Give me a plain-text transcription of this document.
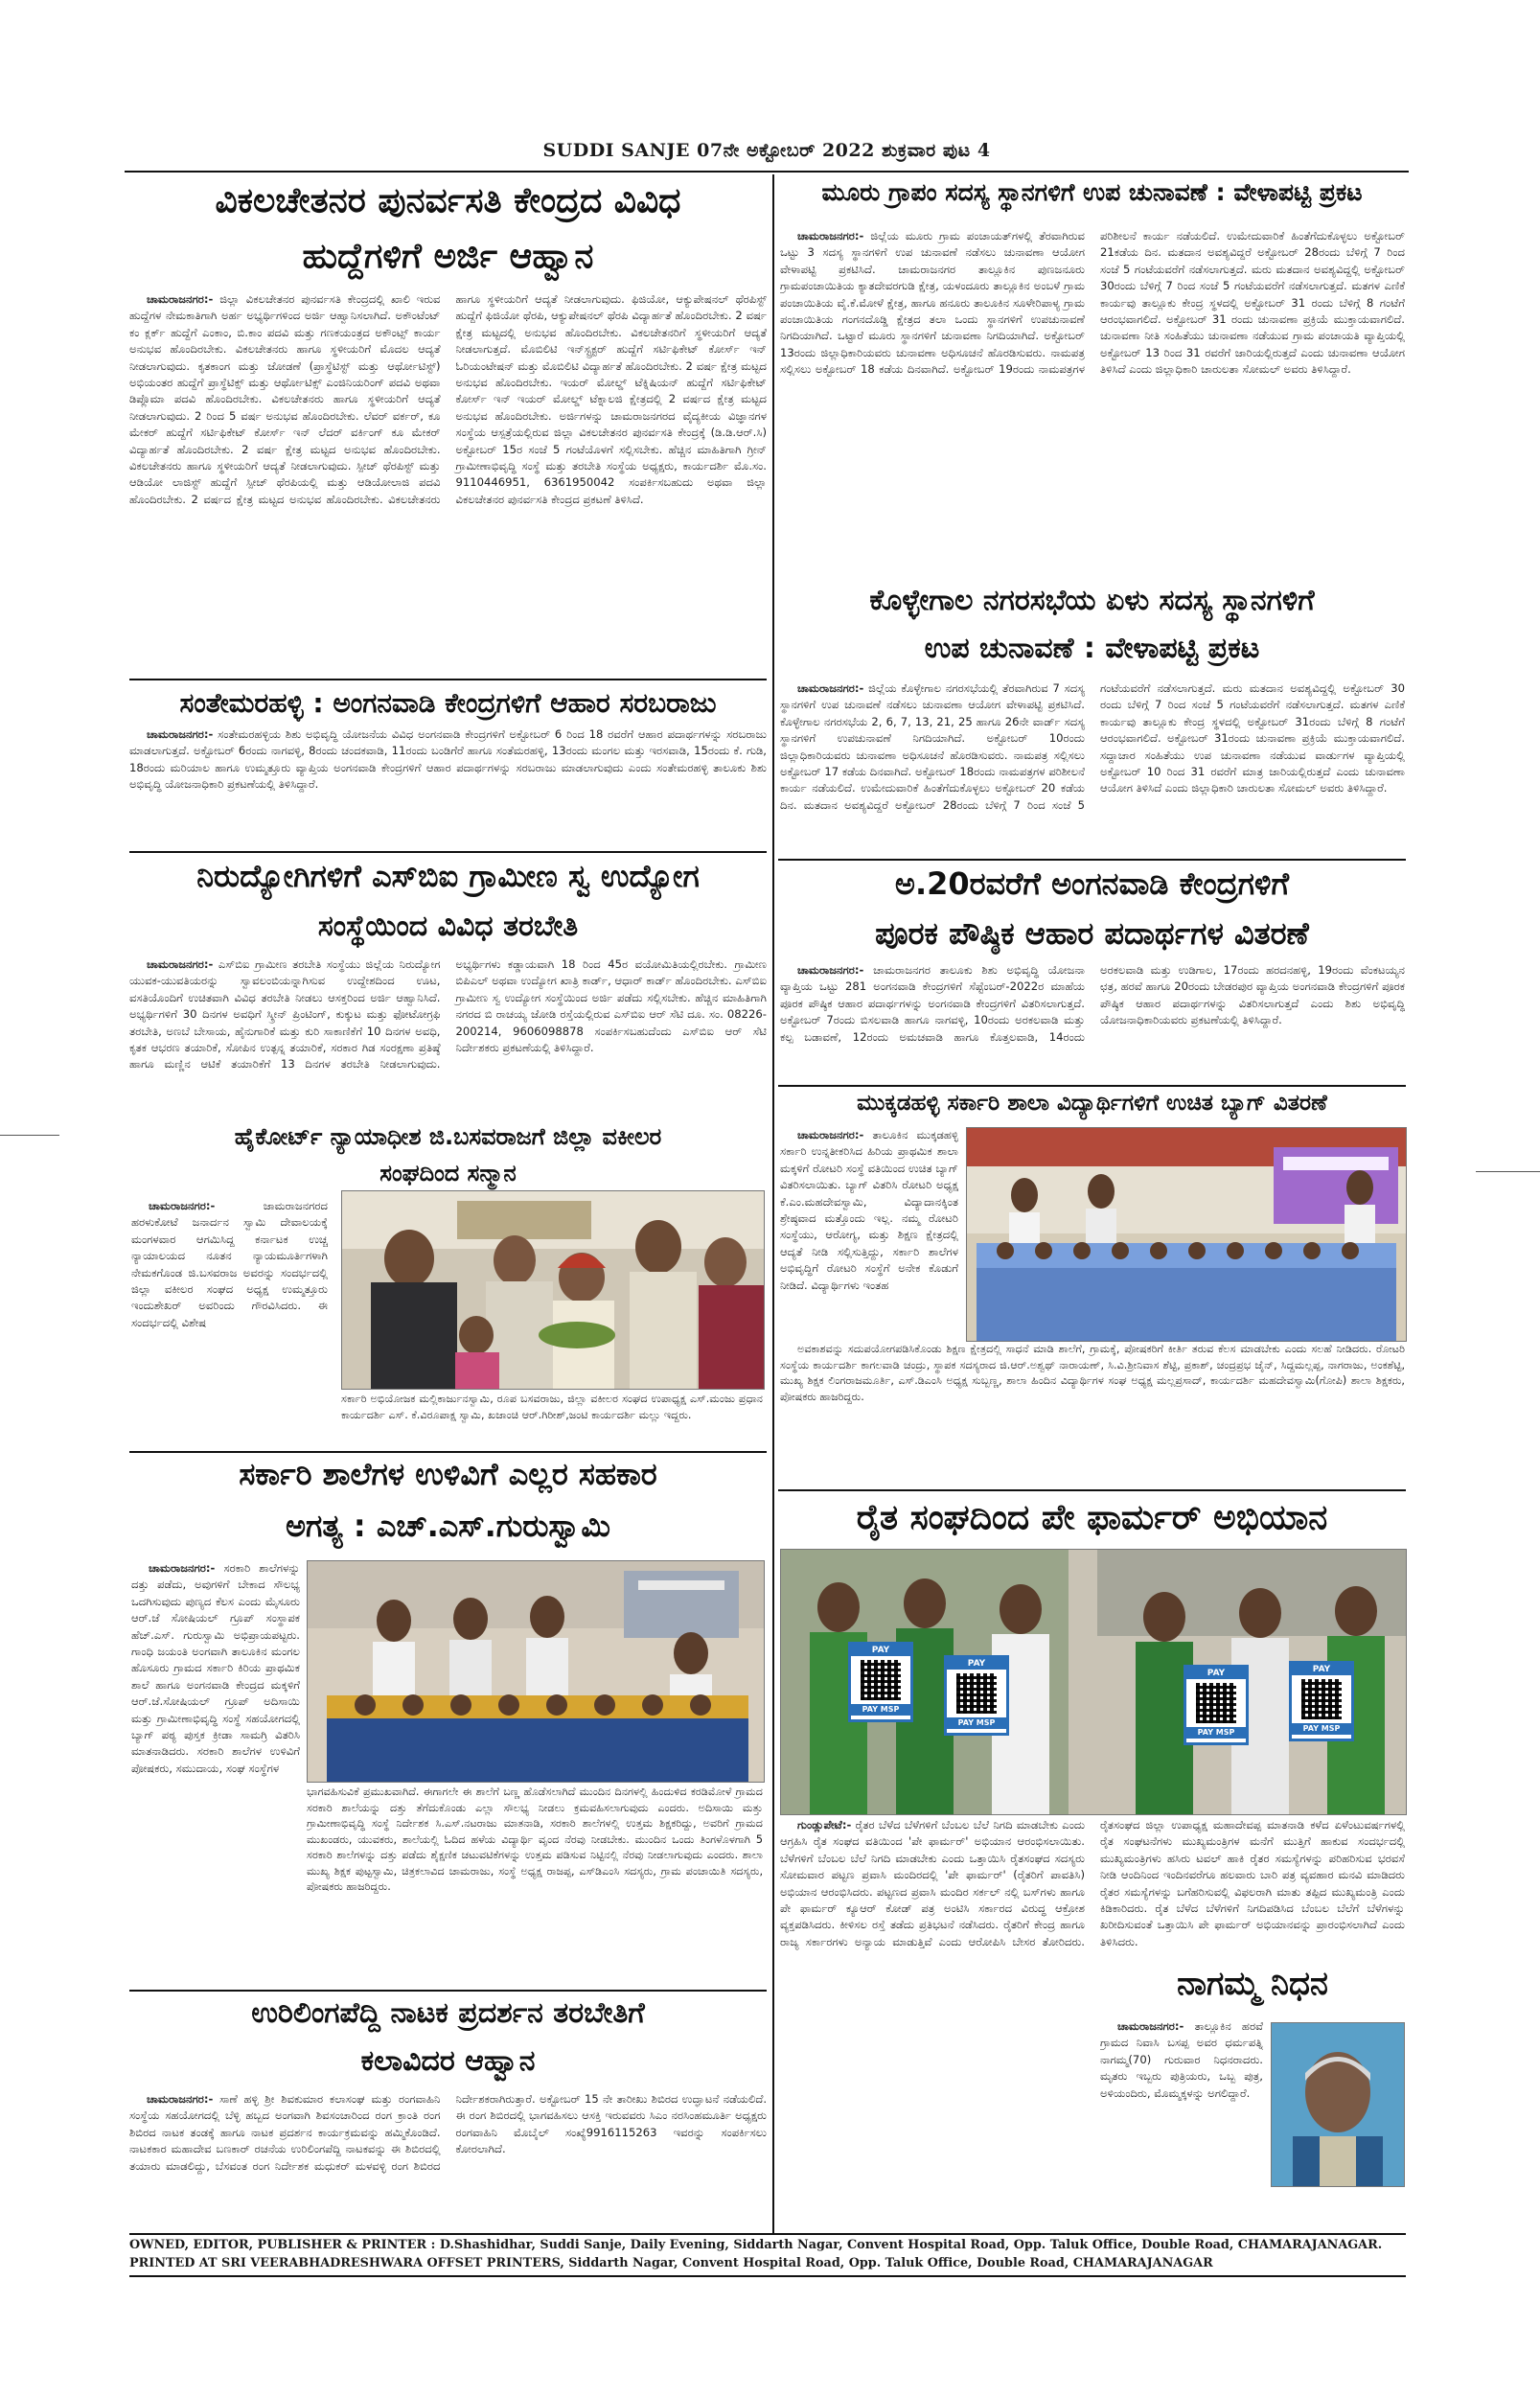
SUDDI SANJE 07ನೇ ಅಕ್ಟೋಬರ್ 2022 ಶುಕ್ರವಾರ ಪುಟ 4
ವಿಕಲಚೇತನರ ಪುನರ್ವಸತಿ ಕೇಂದ್ರದ ವಿವಿಧ
ಹುದ್ದೆಗಳಿಗೆ ಅರ್ಜಿ ಆಹ್ವಾನ

ಚಾಮರಾಜನಗರ:- ಜಿಲ್ಲಾ ವಿಕಲಚೇತನರ ಪುನರ್ವಸತಿ ಕೇಂದ್ರದಲ್ಲಿ ಖಾಲಿ ಇರುವ ಹುದ್ದೆಗಳ ನೇಮಕಾತಿಗಾಗಿ ಅರ್ಹ ಅಭ್ಯರ್ಥಿಗಳಿಂದ ಅರ್ಜಿ ಆಹ್ವಾನಿಸಲಾಗಿದೆ. ಅಕೌಂಟೆಂಟ್ ಕಂ ಕ್ಲರ್ಕ್ ಹುದ್ದೆಗೆ ಎಂಕಾಂ, ಬಿ.ಕಾಂ ಪದವಿ ಮತ್ತು ಗಣಕಯಂತ್ರದ ಅಕೌಂಟ್ಸ್ ಕಾರ್ಯ ಅನುಭವ ಹೊಂದಿರಬೇಕು. ವಿಕಲಚೇತನರು ಹಾಗೂ ಸ್ಥಳೀಯರಿಗೆ ಮೊದಲ ಆದ್ಯತೆ ನೀಡಲಾಗುವುದು. ಕೃತಕಾಂಗ ಮತ್ತು ಜೋಡಣೆ (ಪ್ರಾಸ್ಥೆಟಿಸ್ಟ್ ಮತ್ತು ಆರ್ಥೋಟಿಸ್ಟ್) ಅಭಿಯಂತರ ಹುದ್ದೆಗೆ ಪ್ರಾಸ್ಥೆಟಿಕ್ಸ್ ಮತ್ತು ಆರ್ಥೋಟಿಕ್ಸ್ ಎಂಜಿನಿಯರಿಂಗ್ ಪದವಿ ಅಥವಾ ಡಿಪ್ಲೊಮಾ ಪದವಿ ಹೊಂದಿರಬೇಕು. ವಿಕಲಚೇತನರು ಹಾಗೂ ಸ್ಥಳೀಯರಿಗೆ ಆದ್ಯತೆ ನೀಡಲಾಗುವುದು. 2 ರಿಂದ 5 ವರ್ಷ ಅನುಭವ ಹೊಂದಿರಬೇಕು. ಲೆವರ್ ವರ್ಕರ್, ಕೂ ಮೇಕರ್ ಹುದ್ದೆಗೆ ಸರ್ಟಿಫಿಕೇಟ್ ಕೋರ್ಸ್ ಇನ್ ಲೆದರ್ ವರ್ಕಿಂಗ್ ಕೂ ಮೇಕರ್ ವಿದ್ಯಾರ್ಹತೆ ಹೊಂದಿರಬೇಕು. 2 ವರ್ಷ ಕ್ಷೇತ್ರ ಮಟ್ಟದ ಅನುಭವ ಹೊಂದಿರಬೇಕು. ವಿಕಲಚೇತನರು ಹಾಗೂ ಸ್ಥಳೀಯರಿಗೆ ಆದ್ಯತೆ ನೀಡಲಾಗುವುದು. ಸ್ಪೀಚ್ ಥೆರಪಿಸ್ಟ್ ಮತ್ತು ಆಡಿಯೋ ಲಾಜಿಸ್ಟ್ ಹುದ್ದೆಗೆ ಸ್ಪೀಚ್ ಥೆರಪಿಯಲ್ಲಿ ಮತ್ತು ಆಡಿಯೋಲಾಜಿ ಪದವಿ ಹೊಂದಿರಬೇಕು. 2 ವರ್ಷದ ಕ್ಷೇತ್ರ ಮಟ್ಟದ ಅನುಭವ ಹೊಂದಿರಬೇಕು. ವಿಕಲಚೇತನರು ಹಾಗೂ ಸ್ಥಳೀಯರಿಗೆ ಆದ್ಯತೆ ನೀಡಲಾಗುವುದು. ಫಿಜಿಯೋ, ಆಕ್ಯುಪೇಷನಲ್ ಥೆರಪಿಸ್ಟ್ ಹುದ್ದೆಗೆ ಫಿಜಿಯೋ ಥೆರಪಿ, ಆಕ್ಯುಪೇಷನಲ್ ಥೆರಪಿ ವಿದ್ಯಾರ್ಹತೆ ಹೊಂದಿರಬೇಕು. 2 ವರ್ಷ ಕ್ಷೇತ್ರ ಮಟ್ಟದಲ್ಲಿ ಅನುಭವ ಹೊಂದಿರಬೇಕು. ವಿಕಲಚೇತನರಿಗೆ ಸ್ಥಳೀಯರಿಗೆ ಆದ್ಯತೆ ನೀಡಲಾಗುತ್ತದೆ. ಮೊಬಿಲಿಟಿ ಇನ್‌ಸ್ಟ್ರಕ್ಟರ್ ಹುದ್ದೆಗೆ ಸರ್ಟಿಫಿಕೇಟ್ ಕೋರ್ಸ್ ಇನ್ ಓರಿಯಂಟೇಷನ್ ಮತ್ತು ಮೊಬಿಲಿಟಿ ವಿದ್ಯಾರ್ಹತೆ ಹೊಂದಿರಬೇಕು. 2 ವರ್ಷ ಕ್ಷೇತ್ರ ಮಟ್ಟದ ಅನುಭವ ಹೊಂದಿರಬೇಕು. ಇಯರ್ ಮೋಲ್ಡ್ ಟೆಕ್ನಿಷಿಯನ್ ಹುದ್ದೆಗೆ ಸರ್ಟಿಫಿಕೇಟ್ ಕೋರ್ಸ್ ಇನ್ ಇಯರ್ ಮೋಲ್ಡ್ ಟೆಕ್ನಾಲಜಿ ಕ್ಷೇತ್ರದಲ್ಲಿ 2 ವರ್ಷದ ಕ್ಷೇತ್ರ ಮಟ್ಟದ ಅನುಭವ ಹೊಂದಿರಬೇಕು. ಅರ್ಜಿಗಳನ್ನು ಚಾಮರಾಜನಗರದ ವೈದ್ಯಕೀಯ ವಿಜ್ಞಾನಗಳ ಸಂಸ್ಥೆಯ ಆಸ್ಪತ್ರೆಯಲ್ಲಿರುವ ಜಿಲ್ಲಾ ವಿಕಲಚೇತನರ ಪುನರ್ವಸತಿ ಕೇಂದ್ರಕ್ಕೆ (ಡಿ.ಡಿ.ಆರ್.ಸಿ) ಅಕ್ಟೋಬರ್ 15ರ ಸಂಜೆ 5 ಗಂಟೆಯೊಳಗೆ ಸಲ್ಲಿಸಬೇಕು. ಹೆಚ್ಚಿನ ಮಾಹಿತಿಗಾಗಿ ಗ್ರೀನ್ ಗ್ರಾಮೀಣಾಭಿವೃದ್ಧಿ ಸಂಸ್ಥೆ ಮತ್ತು ತರಬೇತಿ ಸಂಸ್ಥೆಯ ಅಧ್ಯಕ್ಷರು, ಕಾರ್ಯದರ್ಶಿ ಮೊ.ಸಂ. 9110446951, 6361950042 ಸಂಪರ್ಕಿಸಬಹುದು ಅಥವಾ ಜಿಲ್ಲಾ ವಿಕಲಚೇತನರ ಪುನರ್ವಸತಿ ಕೇಂದ್ರದ ಪ್ರಕಟಣೆ ತಿಳಿಸಿದೆ.

ಸಂತೇಮರಹಳ್ಳಿ : ಅಂಗನವಾಡಿ ಕೇಂದ್ರಗಳಿಗೆ ಆಹಾರ ಸರಬರಾಜು

ಚಾಮರಾಜನಗರ:- ಸಂತೇಮರಹಳ್ಳಿಯ ಶಿಶು ಅಭಿವೃದ್ಧಿ ಯೋಜನೆಯ ವಿವಿಧ ಅಂಗನವಾಡಿ ಕೇಂದ್ರಗಳಿಗೆ ಅಕ್ಟೋಬರ್ 6 ರಿಂದ 18 ರವರೆಗೆ ಆಹಾರ ಪದಾರ್ಥಗಳನ್ನು ಸರಬರಾಜು ಮಾಡಲಾಗುತ್ತದೆ. ಅಕ್ಟೋಬರ್ 6ರಂದು ನಾಗವಳ್ಳಿ, 8ರಂದು ಚಂದಕವಾಡಿ, 11ರಂದು ಬಂಡಿಗೆರೆ ಹಾಗೂ ಸಂತೆಮರಹಳ್ಳಿ, 13ರಂದು ಮಂಗಲ ಮತ್ತು ಇರಸವಾಡಿ, 15ರಂದು ಕೆ. ಗುಡಿ, 18ರಂದು ಮರಿಯಾಲ ಹಾಗೂ ಉಮ್ಮತ್ತೂರು ವ್ಯಾಪ್ತಿಯ ಅಂಗನವಾಡಿ ಕೇಂದ್ರಗಳಿಗೆ ಆಹಾರ ಪದಾರ್ಥಗಳನ್ನು ಸರಬರಾಜು ಮಾಡಲಾಗುವುದು ಎಂದು ಸಂತೇಮರಹಳ್ಳಿ ತಾಲೂಕು ಶಿಶು ಅಭಿವೃದ್ಧಿ ಯೋಜನಾಧಿಕಾರಿ ಪ್ರಕಟಣೆಯಲ್ಲಿ ತಿಳಿಸಿದ್ದಾರೆ.

ನಿರುದ್ಯೋಗಿಗಳಿಗೆ ಎಸ್‌ಬಿಐ ಗ್ರಾಮೀಣ ಸ್ವ ಉದ್ಯೋಗ
ಸಂಸ್ಥೆಯಿಂದ ವಿವಿಧ ತರಬೇತಿ

ಚಾಮರಾಜನಗರ:- ಎಸ್‌ಬಿಐ ಗ್ರಾಮೀಣ ತರಬೇತಿ ಸಂಸ್ಥೆಯು ಜಿಲ್ಲೆಯ ನಿರುದ್ಯೋಗ ಯುವಕ-ಯುವತಿಯರನ್ನು ಸ್ವಾವಲಂಬಿಯನ್ನಾಗಿಸುವ ಉದ್ದೇಶದಿಂದ ಊಟ, ವಸತಿಯೊಂದಿಗೆ ಉಚಿತವಾಗಿ ವಿವಿಧ ತರಬೇತಿ ನೀಡಲು ಆಸಕ್ತರಿಂದ ಅರ್ಜಿ ಆಹ್ವಾನಿಸಿದೆ. ಅಭ್ಯರ್ಥಿಗಳಿಗೆ 30 ದಿನಗಳ ಅವಧಿಗೆ ಸ್ಕ್ರೀನ್ ಪ್ರಿಂಟಿಂಗ್, ಕುಕ್ಕುಟ ಮತ್ತು ಫೋಟೋಗ್ರಫಿ ತರಬೇತಿ, ಅಣಬೆ ಬೇಸಾಯ, ಹೈನುಗಾರಿಕೆ ಮತ್ತು ಕುರಿ ಸಾಕಾಣಿಕೆಗೆ 10 ದಿನಗಳ ಅವಧಿ, ಕೃತಕ ಆಭರಣ ತಯಾರಿಕೆ, ಸೋಪಿನ ಉತ್ಪನ್ನ ತಯಾರಿಕೆ, ಸರಕಾರ ಗಿಡ ಸಂರಕ್ಷಣಾ ಪ್ರತಿಷ್ಠೆ ಹಾಗೂ ಮಣ್ಣಿನ ಆಟಿಕೆ ತಯಾರಿಕೆಗೆ 13 ದಿನಗಳ ತರಬೇತಿ ನೀಡಲಾಗುವುದು. ಅಭ್ಯರ್ಥಿಗಳು ಕಡ್ಡಾಯವಾಗಿ 18 ರಿಂದ 45ರ ವಯೋಮಿತಿಯಲ್ಲಿರಬೇಕು. ಗ್ರಾಮೀಣ ಬಿಪಿಎಲ್ ಅಥವಾ ಉದ್ಯೋಗ ಖಾತ್ರಿ ಕಾರ್ಡ್, ಆಧಾರ್ ಕಾರ್ಡ್ ಹೊಂದಿರಬೇಕು. ಎಸ್‌ಬಿಐ ಗ್ರಾಮೀಣ ಸ್ವ ಉದ್ಯೋಗ ಸಂಸ್ಥೆಯಿಂದ ಅರ್ಜಿ ಪಡೆದು ಸಲ್ಲಿಸಬೇಕು. ಹೆಚ್ಚಿನ ಮಾಹಿತಿಗಾಗಿ ನಗರದ ಬಿ ರಾಚಯ್ಯ ಜೋಡಿ ರಸ್ತೆಯಲ್ಲಿರುವ ಎಸ್‌ಬಿಐ ಆರ್ ಸೆಟಿ ದೂ. ಸಂ. 08226-200214, 9606098878 ಸಂಪರ್ಕಿಸಬಹುದೆಂದು ಎಸ್‌ಬಿಐ ಆರ್ ಸೆಟಿ ನಿರ್ದೇಶಕರು ಪ್ರಕಟಣೆಯಲ್ಲಿ ತಿಳಿಸಿದ್ದಾರೆ.

ಹೈಕೋರ್ಟ್ ನ್ಯಾಯಾಧೀಶ ಜಿ.ಬಸವರಾಜಗೆ ಜಿಲ್ಲಾ ವಕೀಲರ
ಸಂಘದಿಂದ ಸನ್ಮಾನ

ಚಾಮರಾಜನಗರ:-	ಜಾಮರಾಜನಗರದ ಹರಳುಕೋಟೆ ಜನಾರ್ದನ ಸ್ವಾಮಿ ದೇವಾಲಯಕ್ಕೆ ಮಂಗಳವಾರ ಆಗಮಿಸಿದ್ದ ಕರ್ನಾಟಕ ಉಚ್ಚ ನ್ಯಾಯಾಲಯದ ನೂತನ ನ್ಯಾಯಮೂರ್ತಿಗಳಾಗಿ ನೇಮಕಗೊಂಡ ಜಿ.ಬಸವರಾಜ ಅವರನ್ನು ಸಂದರ್ಭದಲ್ಲಿ ಜಿಲ್ಲಾ ವಕೀಲರ ಸಂಘದ ಅಧ್ಯಕ್ಷ ಉಮ್ಮತ್ತೂರು ಇಂದುಶೇಖರ್ ಅವರಿಂದು ಗೌರವಿಸಿದರು. ಈ ಸಂದರ್ಭದಲ್ಲಿ ವಿಶೇಷ

ಸರ್ಕಾರಿ ಅಭಿಯೋಜಕ ಮಲ್ಲಿಕಾರ್ಜುನಸ್ವಾಮಿ, ರೂಪ ಬಸವರಾಜು, ಜಿಲ್ಲಾ ವಕೀಲರ ಸಂಘದ ಉಪಾಧ್ಯಕ್ಷ ಎಸ್.ಮಂಜು ಪ್ರಧಾನ ಕಾರ್ಯದರ್ಶಿ ಎಸ್. ಕೆ.ವಿರೂಪಾಕ್ಷ ಸ್ವಾಮಿ, ಖಜಾಂಚಿ ಆರ್.ಗಿರೀಶ್,ಜಂಟಿ ಕಾರ್ಯದರ್ಶಿ ಮಲ್ಲು ಇದ್ದರು.
ಸರ್ಕಾರಿ ಶಾಲೆಗಳ ಉಳಿವಿಗೆ ಎಲ್ಲರ ಸಹಕಾರ
ಅಗತ್ಯ : ಎಚ್.ಎಸ್.ಗುರುಸ್ವಾಮಿ

ಚಾಮರಾಜನಗರ:- ಸರಕಾರಿ ಶಾಲೆಗಳನ್ನು ದತ್ತು ಪಡೆದು, ಅವುಗಳಿಗೆ ಬೇಕಾದ ಸೌಲಭ್ಯ ಒದಗಿಸುವುದು ಪುಣ್ಯದ ಕೆಲಸ ಎಂದು ಮೈಸೂರು ಆರ್.ಜೆ ಸೋಷಿಯಲ್ ಗ್ರೂಪ್ ಸಂಸ್ಥಾಪಕ ಹೆಚ್.ಎಸ್. ಗುರುಸ್ವಾಮಿ ಅಭಿಪ್ರಾಯಪಟ್ಟರು. ಗಾಂಧಿ ಜಯಂತಿ ಅಂಗವಾಗಿ ತಾಲೂಕಿನ ಮಂಗಲ ಹೊಸೂರು ಗ್ರಾಮದ ಸರ್ಕಾರಿ ಕಿರಿಯ ಪ್ರಾಥಮಿಕ ಶಾಲೆ ಹಾಗೂ ಅಂಗನವಾಡಿ ಕೇಂದ್ರದ ಮಕ್ಕಳಿಗೆ ಆರ್.ಜೆ.ಸೋಷಿಯಲ್ ಗ್ರೂಪ್ ಅದಿಸಾಯಿ ಮತ್ತು ಗ್ರಾಮೀಣಾಭಿವೃದ್ಧಿ ಸಂಸ್ಥೆ ಸಹಯೋಗದಲ್ಲಿ ಬ್ಯಾಗ್ ಪಠ್ಯ ಪುಸ್ತಕ ಕ್ರೀಡಾ ಸಾಮಗ್ರಿ ವಿತರಿಸಿ ಮಾತನಾಡಿದರು. ಸರಕಾರಿ ಶಾಲೆಗಳ ಉಳಿವಿಗೆ ಪೋಷಕರು, ಸಮುದಾಯ, ಸಂಘ ಸಂಸ್ಥೆಗಳ

ಭಾಗವಹಿಸುವಿಕೆ ಪ್ರಮುಖವಾಗಿದೆ. ಈಗಾಗಲೇ ಈ ಶಾಲೆಗೆ ಬಣ್ಣ ಹೊಡೆಸಲಾಗಿದೆ ಮುಂದಿನ ದಿನಗಳಲ್ಲಿ ಹಿಂದುಳಿದ ಕರಡಿಮೋಳೆ ಗ್ರಾಮದ ಸರಕಾರಿ ಶಾಲೆಯನ್ನು ದತ್ತು ತೆಗೆದುಕೊಂಡು ಎಲ್ಲಾ ಸೌಲಭ್ಯ ನೀಡಲು ಕ್ರಮವಹಿಸಲಾಗುವುದು ಎಂದರು. ಅದಿಸಾಯಿ ಮತ್ತು ಗ್ರಾಮೀಣಾಭಿವೃದ್ಧಿ ಸಂಸ್ಥೆ ನಿರ್ದೇಶಕ ಸಿ.ಎಸ್.ನಟರಾಜು ಮಾತನಾಡಿ, ಸರಕಾರಿ ಶಾಲೆಗಳಲ್ಲಿ ಉತ್ತಮ ಶಿಕ್ಷಕರಿದ್ದು, ಅವರಿಗೆ ಗ್ರಾಮದ ಮುಖಂಡರು, ಯುವಕರು, ಶಾಲೆಯಲ್ಲಿ ಓದಿದ ಹಳೆಯ ವಿದ್ಯಾರ್ಥಿ ವೃಂದ ನೆರವು ನೀಡಬೇಕು. ಮುಂದಿನ ಒಂದು ತಿಂಗಳೊಳಗಾಗಿ 5 ಸರಕಾರಿ ಶಾಲೆಗಳನ್ನು ದತ್ತು ಪಡೆದು ಶೈಕ್ಷಣಿಕ ಚಟುವಟಿಕೆಗಳನ್ನು ಉತ್ತಮ ಪಡಿಸುವ ನಿಟ್ಟಿನಲ್ಲಿ ನೆರವು ನೀಡಲಾಗುವುದು ಎಂದರು. ಶಾಲಾ ಮುಖ್ಯ ಶಿಕ್ಷಕ ಪುಟ್ಟಸ್ವಾಮಿ, ಚಿತ್ರಕಲಾವಿದ ಚಾಮರಾಜು, ಸಂಸ್ಥೆ ಅಧ್ಯಕ್ಷ ರಾಜಪ್ಪ, ಎಸ್‌ಡಿಎಂಸಿ ಸದಸ್ಯರು, ಗ್ರಾಮ ಪಂಚಾಯಿತಿ ಸದಸ್ಯರು, ಪೋಷಕರು ಹಾಜರಿದ್ದರು.
ಉರಿಲಿಂಗಪೆದ್ದಿ ನಾಟಕ ಪ್ರದರ್ಶನ ತರಬೇತಿಗೆ
ಕಲಾವಿದರ ಆಹ್ವಾನ

ಚಾಮರಾಜನಗರ:- ಸಾಣೆ ಹಳ್ಳಿ ಶ್ರೀ ಶಿವಕುಮಾರ ಕಲಾಸಂಘ ಮತ್ತು ರಂಗವಾಹಿನಿ ಸಂಸ್ಥೆಯ ಸಹಯೋಗದಲ್ಲಿ ಬೆಳ್ಳಿ ಹಬ್ಬದ ಅಂಗವಾಗಿ ಶಿವಸಂಚಾರಿಂದ ರಂಗ ಕ್ರಾಂತಿ ರಂಗ ಶಿಬಿರದ ನಾಟಕ ತಂಡಕ್ಕೆ ಹಾಗೂ ನಾಟಕ ಪ್ರದರ್ಶನ ಕಾರ್ಯಕ್ರಮವನ್ನು ಹಮ್ಮಿಕೊಂಡಿದೆ. ನಾಟಕಕಾರ ಮಹಾದೇವ ಬಣಕಾರ್ ರಚನೆಯ ಉರಿಲಿಂಗಪೆದ್ದಿ ನಾಟಕವನ್ನು ಈ ಶಿಬಿರದಲ್ಲಿ ತಯಾರು ಮಾಡಲಿದ್ದು, ಬೆಸವಂತ ರಂಗ ನಿರ್ದೇಶಕ ಮಧುಕರ್ ಮಳವಳ್ಳಿ ರಂಗ ಶಿಬಿರದ ನಿರ್ದೇಶಕರಾಗಿರುತ್ತಾರೆ. ಅಕ್ಟೋಬರ್ 15 ನೇ ತಾರೀಖು ಶಿಬಿರದ ಉದ್ಘಾಟನೆ ನಡೆಯಲಿದೆ. ಈ ರಂಗ ಶಿಬಿರದಲ್ಲಿ ಭಾಗವಹಿಸಲು ಆಸಕ್ತಿ ಇರುವವರು ಸಿಎಂ ನರಸಿಂಹಮೂರ್ತಿ ಅಧ್ಯಕ್ಷರು ರಂಗವಾಹಿನಿ ಮೊಬೈಲ್ ಸಂಖ್ಯೆ9916115263 ಇವರನ್ನು ಸಂಪರ್ಕಿಸಲು ಕೋರಲಾಗಿದೆ.

ಮೂರು ಗ್ರಾಪಂ ಸದಸ್ಯ ಸ್ಥಾನಗಳಿಗೆ ಉಪ ಚುನಾವಣೆ : ವೇಳಾಪಟ್ಟಿ ಪ್ರಕಟ

ಚಾಮರಾಜನಗರ:- ಜಿಲ್ಲೆಯ ಮೂರು ಗ್ರಾಮ ಪಂಚಾಯತ್‌ಗಳಲ್ಲಿ ತೆರವಾಗಿರುವ ಒಟ್ಟು 3 ಸದಸ್ಯ ಸ್ಥಾನಗಳಿಗೆ ಉಪ ಚುನಾವಣೆ ನಡೆಸಲು ಚುನಾವಣಾ ಆಯೋಗ ವೇಳಾಪಟ್ಟಿ ಪ್ರಕಟಿಸಿದೆ. ಚಾಮರಾಜನಗರ ತಾಲ್ಲೂಕಿನ ಪುಣಜನೂರು ಗ್ರಾಮಪಂಚಾಯಿತಿಯ ಕ್ಯಾತದೇವರಗುಡಿ ಕ್ಷೇತ್ರ, ಯಳಂದೂರು ತಾಲ್ಲೂಕಿನ ಅಂಬಳೆ ಗ್ರಾಮ ಪಂಚಾಯಿತಿಯ ವೈ.ಕೆ.ಮೋಳೆ ಕ್ಷೇತ್ರ, ಹಾಗೂ ಹನೂರು ತಾಲೂಕಿನ ಸೂಳೇರಿಪಾಳ್ಯ ಗ್ರಾಮ ಪಂಚಾಯಿತಿಯ ಗಂಗನದೊಡ್ಡಿ ಕ್ಷೇತ್ರದ ತಲಾ ಒಂದು ಸ್ಥಾನಗಳಿಗೆ ಉಪಚುನಾವಣೆ ನಿಗದಿಯಾಗಿದೆ. ಒಟ್ಟಾರೆ ಮೂರು ಸ್ಥಾನಗಳಿಗೆ ಚುನಾವಣಾ ನಿಗದಿಯಾಗಿದೆ. ಅಕ್ಟೋಬರ್ 13ರಂದು ಜಿಲ್ಲಾಧಿಕಾರಿಯವರು ಚುನಾವಣಾ ಅಧಿಸೂಚನೆ ಹೊರಡಿಸುವರು. ನಾಮಪತ್ರ ಸಲ್ಲಿಸಲು ಅಕ್ಟೋಬರ್ 18 ಕಡೆಯ ದಿನವಾಗಿದೆ. ಅಕ್ಟೋಬರ್ 19ರಂದು ನಾಮಪತ್ರಗಳ ಪರಿಶೀಲನೆ ಕಾರ್ಯ ನಡೆಯಲಿದೆ. ಉಮೇದುವಾರಿಕೆ ಹಿಂತೆಗೆದುಕೊಳ್ಳಲು ಅಕ್ಟೋಬರ್ 21ಕಡೆಯ ದಿನ. ಮತದಾನ ಅವಶ್ಯವಿದ್ದರೆ ಅಕ್ಟೋಬರ್ 28ರಂದು ಬೆಳಿಗ್ಗೆ 7 ರಿಂದ ಸಂಜೆ 5 ಗಂಟೆಯವರೆಗೆ ನಡೆಸಲಾಗುತ್ತದೆ. ಮರು ಮತದಾನ ಅವಶ್ಯವಿದ್ದಲ್ಲಿ ಅಕ್ಟೋಬರ್ 30ರಂದು ಬೆಳಿಗ್ಗೆ 7 ರಿಂದ ಸಂಜೆ 5 ಗಂಟೆಯವರೆಗೆ ನಡೆಸಲಾಗುತ್ತದೆ. ಮತಗಳ ಎಣಿಕೆ ಕಾರ್ಯವು ತಾಲ್ಲೂಕು ಕೇಂದ್ರ ಸ್ಥಳದಲ್ಲಿ ಅಕ್ಟೋಬರ್ 31 ರಂದು ಬೆಳಿಗ್ಗೆ 8 ಗಂಟೆಗೆ ಆರಂಭವಾಗಲಿದೆ. ಅಕ್ಟೋಬರ್ 31 ರಂದು ಚುನಾವಣಾ ಪ್ರಕ್ರಿಯೆ ಮುಕ್ತಾಯವಾಗಲಿದೆ. ಚುನಾವಣಾ ನೀತಿ ಸಂಹಿತೆಯು ಚುನಾವಣಾ ನಡೆಯುವ ಗ್ರಾಮ ಪಂಚಾಯತಿ ವ್ಯಾಪ್ತಿಯಲ್ಲಿ ಅಕ್ಟೋಬರ್ 13 ರಿಂದ 31 ರವರೆಗೆ ಜಾರಿಯಲ್ಲಿರುತ್ತದೆ ಎಂದು ಚುನಾವಣಾ ಆಯೋಗ ತಿಳಿಸಿದೆ ಎಂದು ಜಿಲ್ಲಾಧಿಕಾರಿ ಚಾರುಲತಾ ಸೋಮಲ್ ಅವರು ತಿಳಿಸಿದ್ದಾರೆ.

ಕೊಳ್ಳೇಗಾಲ ನಗರಸಭೆಯ ಏಳು ಸದಸ್ಯ ಸ್ಥಾನಗಳಿಗೆ
ಉಪ ಚುನಾವಣೆ : ವೇಳಾಪಟ್ಟಿ ಪ್ರಕಟ

ಚಾಮರಾಜನಗರ:- ಜಿಲ್ಲೆಯ ಕೊಳ್ಳೇಗಾಲ ನಗರಸಭೆಯಲ್ಲಿ ತೆರವಾಗಿರುವ 7 ಸದಸ್ಯ ಸ್ಥಾನಗಳಿಗೆ ಉಪ ಚುನಾವಣೆ ನಡೆಸಲು ಚುನಾವಣಾ ಆಯೋಗ ವೇಳಾಪಟ್ಟಿ ಪ್ರಕಟಿಸಿದೆ. ಕೊಳ್ಳೇಗಾಲ ನಗರಸಭೆಯ 2, 6, 7, 13, 21, 25 ಹಾಗೂ 26ನೇ ವಾರ್ಡ್ ಸದಸ್ಯ ಸ್ಥಾನಗಳಿಗೆ ಉಪಚುನಾವಣೆ ನಿಗದಿಯಾಗಿದೆ. ಅಕ್ಟೋಬರ್ 10ರಂದು ಜಿಲ್ಲಾಧಿಕಾರಿಯವರು ಚುನಾವಣಾ ಅಧಿಸೂಚನೆ ಹೊರಡಿಸುವರು. ನಾಮಪತ್ರ ಸಲ್ಲಿಸಲು ಅಕ್ಟೋಬರ್ 17 ಕಡೆಯ ದಿನವಾಗಿದೆ. ಅಕ್ಟೋಬರ್ 18ರಂದು ನಾಮಪತ್ರಗಳ ಪರಿಶೀಲನೆ ಕಾರ್ಯ ನಡೆಯಲಿದೆ. ಉಮೇದುವಾರಿಕೆ ಹಿಂತೆಗೆದುಕೊಳ್ಳಲು ಅಕ್ಟೋಬರ್ 20 ಕಡೆಯ ದಿನ. ಮತದಾನ ಅವಶ್ಯವಿದ್ದರೆ ಅಕ್ಟೋಬರ್ 28ರಂದು ಬೆಳಿಗ್ಗೆ 7 ರಿಂದ ಸಂಜೆ 5 ಗಂಟೆಯವರೆಗೆ ನಡೆಸಲಾಗುತ್ತದೆ. ಮರು ಮತದಾನ ಅವಶ್ಯವಿದ್ದಲ್ಲಿ ಅಕ್ಟೋಬರ್ 30 ರಂದು ಬೆಳಿಗ್ಗೆ 7 ರಿಂದ ಸಂಜೆ 5 ಗಂಟೆಯವರೆಗೆ ನಡೆಸಲಾಗುತ್ತದೆ. ಮತಗಳ ಎಣಿಕೆ ಕಾರ್ಯವು ತಾಲ್ಲೂಕು ಕೇಂದ್ರ ಸ್ಥಳದಲ್ಲಿ ಅಕ್ಟೋಬರ್ 31ರಂದು ಬೆಳಿಗ್ಗೆ 8 ಗಂಟೆಗೆ ಆರಂಭವಾಗಲಿದೆ. ಅಕ್ಟೋಬರ್ 31ರಂದು ಚುನಾವಣಾ ಪ್ರಕ್ರಿಯೆ ಮುಕ್ತಾಯವಾಗಲಿದೆ. ಸದ್ದಾಚಾರ ಸಂಹಿತೆಯು ಉಪ ಚುನಾವಣಾ ನಡೆಯುವ ವಾರ್ಡುಗಳ ವ್ಯಾಪ್ತಿಯಲ್ಲಿ ಅಕ್ಟೋಬರ್ 10 ರಿಂದ 31 ರವರೆಗೆ ಮಾತ್ರ ಜಾರಿಯಲ್ಲಿರುತ್ತದೆ ಎಂದು ಚುನಾವಣಾ ಆಯೋಗ ತಿಳಿಸಿದೆ ಎಂದು ಜಿಲ್ಲಾಧಿಕಾರಿ ಚಾರುಲತಾ ಸೋಮಲ್ ಅವರು ತಿಳಿಸಿದ್ದಾರೆ.

ಅ.20ರವರೆಗೆ ಅಂಗನವಾಡಿ ಕೇಂದ್ರಗಳಿಗೆ
ಪೂರಕ ಪೌಷ್ಠಿಕ ಆಹಾರ ಪದಾರ್ಥಗಳ ವಿತರಣೆ

ಚಾಮರಾಜನಗರ:- ಚಾಮರಾಜನಗರ ತಾಲೂಕು ಶಿಶು ಅಭಿವೃದ್ಧಿ ಯೋಜನಾ ವ್ಯಾಪ್ತಿಯ ಒಟ್ಟು 281 ಅಂಗನವಾಡಿ ಕೇಂದ್ರಗಳಿಗೆ ಸೆಪ್ಟೆಂಬರ್-2022ರ ಮಾಹೆಯ ಪೂರಕ ಪೌಷ್ಠಿಕ ಆಹಾರ ಪದಾರ್ಥಗಳನ್ನು ಅಂಗನವಾಡಿ ಕೇಂದ್ರಗಳಿಗೆ ವಿತರಿಸಲಾಗುತ್ತದೆ. ಅಕ್ಟೋಬರ್ 7ರಂದು ಬಿಸಲವಾಡಿ ಹಾಗೂ ನಾಗವಳ್ಳಿ, 10ರಂದು ಅರಕಲವಾಡಿ ಮತ್ತು ಕಲ್ಪ ಬಡಾವಣೆ, 12ರಂದು ಅಮಚವಾಡಿ ಹಾಗೂ ಕೊತ್ತಲವಾಡಿ, 14ರಂದು ಅರಕಲವಾಡಿ ಮತ್ತು ಉಡಿಗಾಲ, 17ರಂದು ಹರದನಹಳ್ಳಿ, 19ರಂದು ವೆಂಕಟಯ್ಯನ ಛತ್ರ, ಹರವೆ ಹಾಗೂ 20ರಂದು ಬೇಡರಪುರ ವ್ಯಾಪ್ತಿಯ ಅಂಗನವಾಡಿ ಕೇಂದ್ರಗಳಿಗೆ ಪೂರಕ ಪೌಷ್ಠಿಕ ಆಹಾರ ಪದಾರ್ಥಗಳನ್ನು ವಿತರಿಸಲಾಗುತ್ತದೆ ಎಂದು ಶಿಶು ಅಭಿವೃದ್ಧಿ ಯೋಜನಾಧಿಕಾರಿಯವರು ಪ್ರಕಟಣೆಯಲ್ಲಿ ತಿಳಿಸಿದ್ದಾರೆ.

ಮುಕ್ಕಡಹಳ್ಳಿ ಸರ್ಕಾರಿ ಶಾಲಾ ವಿದ್ಯಾರ್ಥಿಗಳಿಗೆ ಉಚಿತ ಬ್ಯಾಗ್ ವಿತರಣೆ

ಚಾಮರಾಜನಗರ:- ತಾಲೂಕಿನ ಮುಕ್ಕಡಹಳ್ಳಿ ಸರ್ಕಾರಿ ಉನ್ನತೀಕರಿಸಿದ ಹಿರಿಯ ಪ್ರಾಥಮಿಕ ಶಾಲಾ ಮಕ್ಕಳಿಗೆ ರೋಟರಿ ಸಂಸ್ಥೆ ವತಿಯಿಂದ ಉಚಿತ ಬ್ಯಾಗ್ ವಿತರಿಸಲಾಯಿತು. ಬ್ಯಾಗ್ ವಿತರಿಸಿ ರೋಟರಿ ಅಧ್ಯಕ್ಷ ಕೆ.ಎಂ.ಮಹದೇವಸ್ವಾಮಿ, ವಿದ್ಯಾದಾನಕ್ಕಿಂತ ಶ್ರೇಷ್ಠವಾದ ಮತ್ತೊಂದು ಇಲ್ಲ. ನಮ್ಮ ರೋಟರಿ ಸಂಸ್ಥೆಯು, ಆರೋಗ್ಯ, ಮತ್ತು ಶಿಕ್ಷಣ ಕ್ಷೇತ್ರದಲ್ಲಿ ಆದ್ಯತೆ ನೀಡಿ ಸಲ್ಲಿಸುತ್ತಿದ್ದು, ಸರ್ಕಾರಿ ಶಾಲೆಗಳ ಅಭಿವೃದ್ಧಿಗೆ ರೋಟರಿ ಸಂಸ್ಥೆಗೆ ಅನೇಕ ಕೊಡುಗೆ ನೀಡಿದೆ. ವಿದ್ಯಾರ್ಥಿಗಳು ಇಂತಹ

ಅವಕಾಶವನ್ನು ಸದುಪಯೋಗಪಡಿಸಿಕೊಂಡು ಶಿಕ್ಷಣ ಕ್ಷೇತ್ರದಲ್ಲಿ ಸಾಧನೆ ಮಾಡಿ ಶಾಲೆಗೆ, ಗ್ರಾಮಕ್ಕೆ, ಪೋಷಕರಿಗೆ ಕೀರ್ತಿ ತರುವ ಕೆಲಸ ಮಾಡಬೇಕು ಎಂದು ಸಲಹೆ ನೀಡಿದರು. ರೋಟರಿ ಸಂಸ್ಥೆಯ ಕಾರ್ಯದರ್ಶಿ ಕಾಗಲವಾಡಿ ಚಂದ್ರು, ಸ್ಥಾಪಕ ಸದಸ್ಯರಾದ ಜಿ.ಆರ್.ಅಶ್ವಥ್ ನಾರಾಯಣ್, ಸಿ.ವಿ.ಶ್ರೀನಿವಾಸ ಶೆಟ್ಟಿ, ಪ್ರಕಾಶ್, ಚಂದ್ರಪ್ರಭ ಜೈನ್, ಸಿದ್ದಮಲ್ಲಪ್ಪ, ನಾಗರಾಜು, ಅಂಕಶೆಟ್ಟಿ, ಮುಖ್ಯ ಶಿಕ್ಷಕ ಲಿಂಗರಾಜಮೂರ್ತಿ, ಎಸ್.ಡಿಎಂಸಿ ಅಧ್ಯಕ್ಷ ಸುಬ್ಬಣ್ಣ, ಶಾಲಾ ಹಿಂದಿನ ವಿದ್ಯಾರ್ಥಿಗಳ ಸಂಘ ಅಧ್ಯಕ್ಷ ಮಲ್ಲಪ್ರಸಾದ್, ಕಾರ್ಯದರ್ಶಿ ಮಹದೇವಸ್ವಾಮಿ(ಗೋಪಿ) ಶಾಲಾ ಶಿಕ್ಷಕರು, ಪೋಷಕರು ಹಾಜರಿದ್ದರು.
ರೈತ ಸಂಘದಿಂದ ಪೇ ಫಾರ್ಮರ್ ಅಭಿಯಾನ
PAY
PAY MSP
PAY
PAY MSP
PAY
PAY MSP
PAY
PAY MSP

ಗುಂಡ್ಲುಪೇಟೆ:- ರೈತರ ಬೆಳೆದ ಬೆಳೆಗಳಿಗೆ ಬೆಂಬಲ ಬೆಲೆ ನಿಗದಿ ಮಾಡಬೇಕು ಎಂದು ಆಗ್ರಹಿಸಿ ರೈತ ಸಂಘದ ವತಿಯಿಂದ 'ಪೇ ಫಾರ್ಮರ್' ಅಭಿಯಾನ ಆರಂಭಿಸಲಾಯಿತು. ಬೆಳೆಗಳಿಗೆ ಬೆಂಬಲ ಬೆಲೆ ನಿಗದಿ ಮಾಡಬೇಕು ಎಂದು ಒತ್ತಾಯಿಸಿ ರೈತಸಂಘದ ಸದಸ್ಯರು ಸೋಮವಾರ ಪಟ್ಟಣ ಪ್ರವಾಸಿ ಮಂದಿರದಲ್ಲಿ 'ಪೇ ಫಾರ್ಮರ್' (ರೈತರಿಗೆ ಪಾವತಿಸಿ) ಅಭಿಯಾನ ಆರಂಭಿಸಿದರು. ಪಟ್ಟಣದ ಪ್ರವಾಸಿ ಮಂದಿರ ಸರ್ಕಲ್ ನಲ್ಲಿ ಬಸ್‌ಗಳು ಹಾಗೂ ಪೇ ಫಾರ್ಮರ್ ಕ್ಯೂಆರ್ ಕೋಡ್ ಪತ್ರ ಅಂಟಿಸಿ ಸರ್ಕಾರದ ವಿರುದ್ಧ ಆಕ್ರೋಶ ವ್ಯಕ್ತಪಡಿಸಿದರು. ಕೀಳಿಸಲ ರಸ್ತೆ ತಡೆದು ಪ್ರತಿಭಟನೆ ನಡೆಸಿದರು. ರೈತರಿಗೆ ಕೇಂದ್ರ ಹಾಗೂ ರಾಜ್ಯ ಸರ್ಕಾರಗಳು ಅನ್ಯಾಯ ಮಾಡುತ್ತಿವೆ ಎಂದು ಆರೋಪಿಸಿ ಬೇಸರ ತೋರಿದರು. ರೈತಸಂಘದ ಜಿಲ್ಲಾ ಉಪಾಧ್ಯಕ್ಷ ಮಹಾದೇವಪ್ಪ ಮಾತನಾಡಿ ಕಳೆದ ಏಳೆಂಟುವರ್ಷಗಳಲ್ಲಿ ರೈತ ಸಂಘಟನೆಗಳು ಮುಖ್ಯಮಂತ್ರಿಗಳ ಮನೆಗೆ ಮುತ್ತಿಗೆ ಹಾಕುವ ಸಂದರ್ಭದಲ್ಲಿ ಮುಖ್ಯಮಂತ್ರಿಗಳು ಹಸಿರು ಟವಲ್ ಹಾಕಿ ರೈತರ ಸಮಸ್ಯೆಗಳನ್ನು ಪರಿಹರಿಸುವ ಭರವಸೆ ನೀಡಿ ಆಂದಿನಿಂದ ಇಂದಿನವರೆಗೂ ಹಲವಾರು ಬಾರಿ ಪತ್ರ ವ್ಯವಹಾರ ಮನವಿ ಮಾಡಿದರು ರೈತರ ಸಮಸ್ಯೆಗಳನ್ನು ಬಗೆಹರಿಸುವಲ್ಲಿ ವಿಫಲರಾಗಿ ಮಾತು ತಪ್ಪಿದ ಮುಖ್ಯಮಂತ್ರಿ ಎಂದು ಕಿಡಿಕಾರಿದರು. ರೈತ ಬೆಳೆದ ಬೆಳೆಗಳಿಗೆ ನಿಗದಿಪಡಿಸಿದ ಬೆಂಬಲ ಬೆಲೆಗೆ ಬೆಳೆಗಳನ್ನು ಖರೀದಿಸುವಂತೆ ಒತ್ತಾಯಿಸಿ ಪೇ ಫಾರ್ಮರ್ ಅಭಿಯಾನವನ್ನು ಪ್ರಾರಂಭಿಸಲಾಗಿದೆ ಎಂದು ತಿಳಿಸಿದರು.

ನಾಗಮ್ಮ ನಿಧನ

ಚಾಮರಾಜನಗರ:- ತಾಲ್ಲೂಕಿನ ಹರವೆ ಗ್ರಾಮದ ನಿವಾಸಿ ಬಸಪ್ಪ ಅವರ ಧರ್ಮಪತ್ನಿ ನಾಗಮ್ಮ(70) ಗುರುವಾರ ನಿಧನರಾದರು. ಮೃತರು ಇಬ್ಬರು ಪುತ್ರಿಯರು, ಒಬ್ಬ ಪುತ್ರ, ಅಳಿಯಂದಿರು, ಮೊಮ್ಮಕ್ಕಳನ್ನು ಅಗಲಿದ್ದಾರೆ.

OWNED, EDITOR, PUBLISHER & PRINTER : D.Shashidhar, Suddi Sanje, Daily Evening, Siddarth Nagar, Convent Hospital Road, Opp. Taluk Office, Double Road, CHAMARAJANAGAR.
PRINTED AT SRI VEERABHADRESHWARA OFFSET PRINTERS, Siddarth Nagar, Convent Hospital Road, Opp. Taluk Office, Double Road, CHAMARAJANAGAR
